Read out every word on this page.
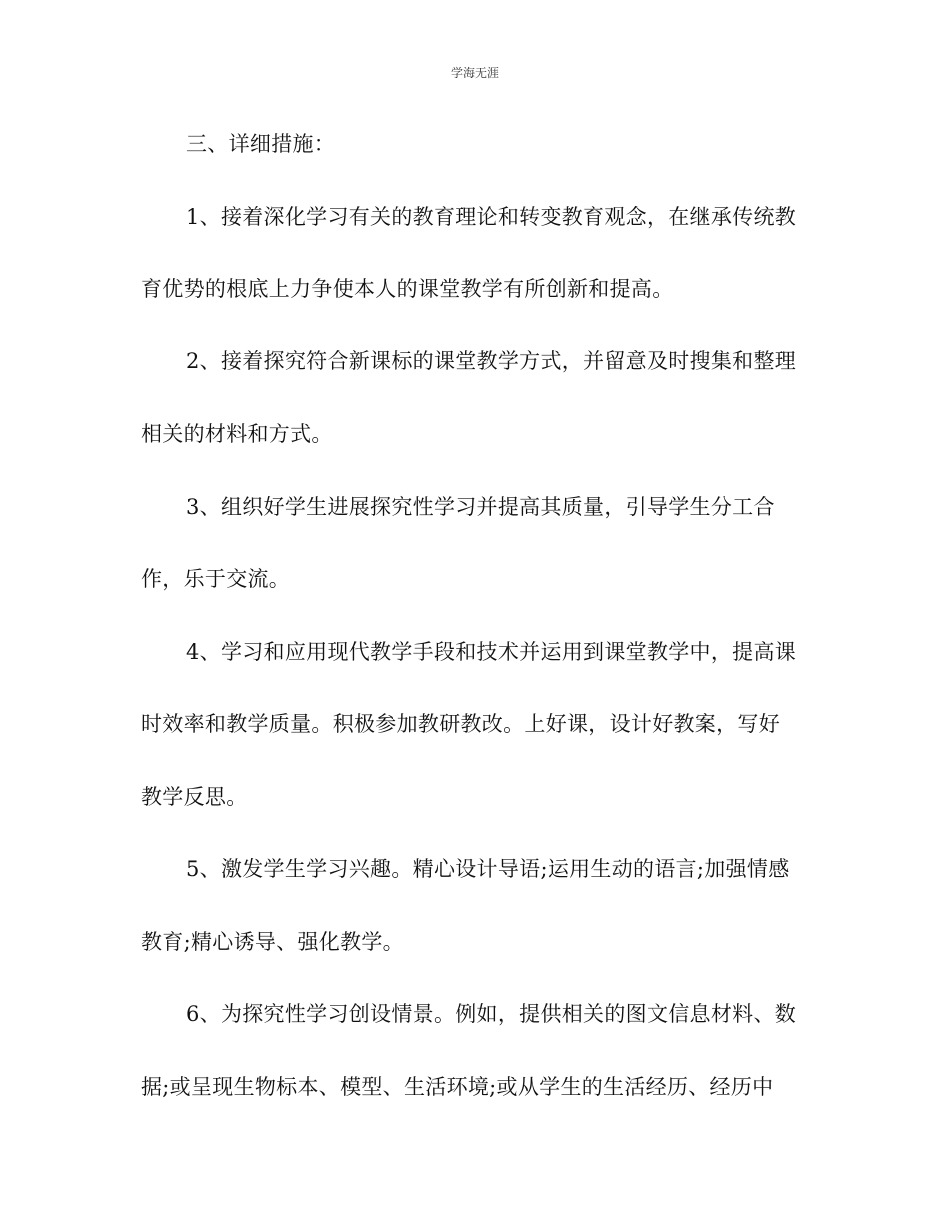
学海无涯
三、详细措施：
1、接着深化学习有关的教育理论和转变教育观念，在继承传统教
育优势的根底上力争使本人的课堂教学有所创新和提高。
2、接着探究符合新课标的课堂教学方式，并留意及时搜集和整理
相关的材料和方式。
3、组织好学生进展探究性学习并提高其质量，引导学生分工合
作，乐于交流。
4、学习和应用现代教学手段和技术并运用到课堂教学中，提高课
时效率和教学质量。积极参加教研教改。上好课，设计好教案，写好
教学反思。
5、激发学生学习兴趣。精心设计导语;运用生动的语言;加强情感
教育;精心诱导、强化教学。
6、为探究性学习创设情景。例如，提供相关的图文信息材料、数
据;或呈现生物标本、模型、生活环境;或从学生的生活经历、经历中
